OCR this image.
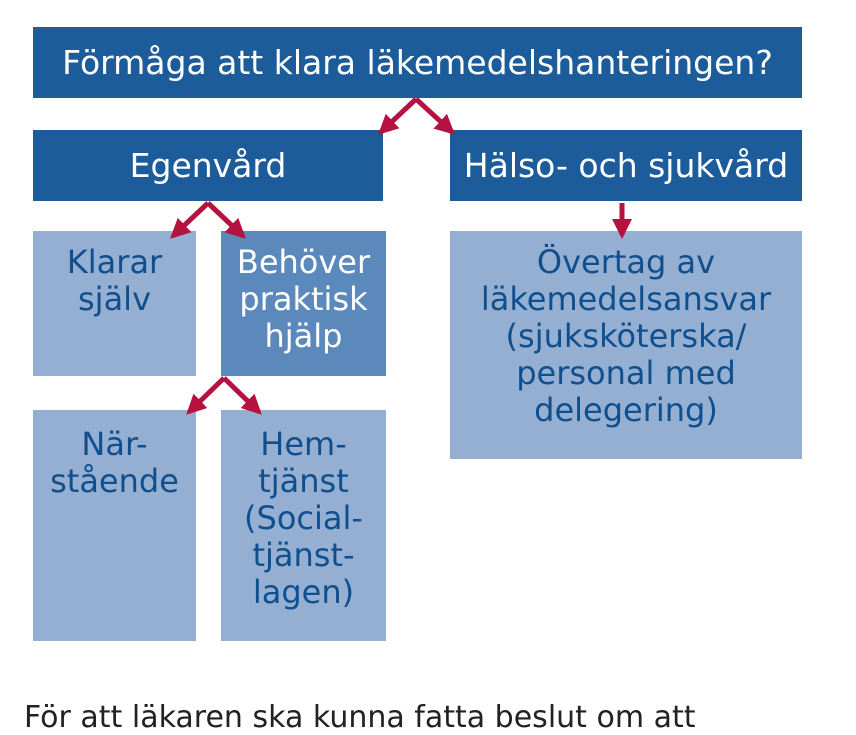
Förmåga att klara läkemedelshanteringen?
Egenvård	Hälso- och sjukvård
Klarar
själv
Behöver
praktisk
hjälp
Övertag av
läkemedelsansvar
(sjuksköterska/
personal med
delegering)
När-
stående
Hem-
tjänst
(Social-
tjänst-
lagen)
För att läkaren ska kunna fatta beslut om att
